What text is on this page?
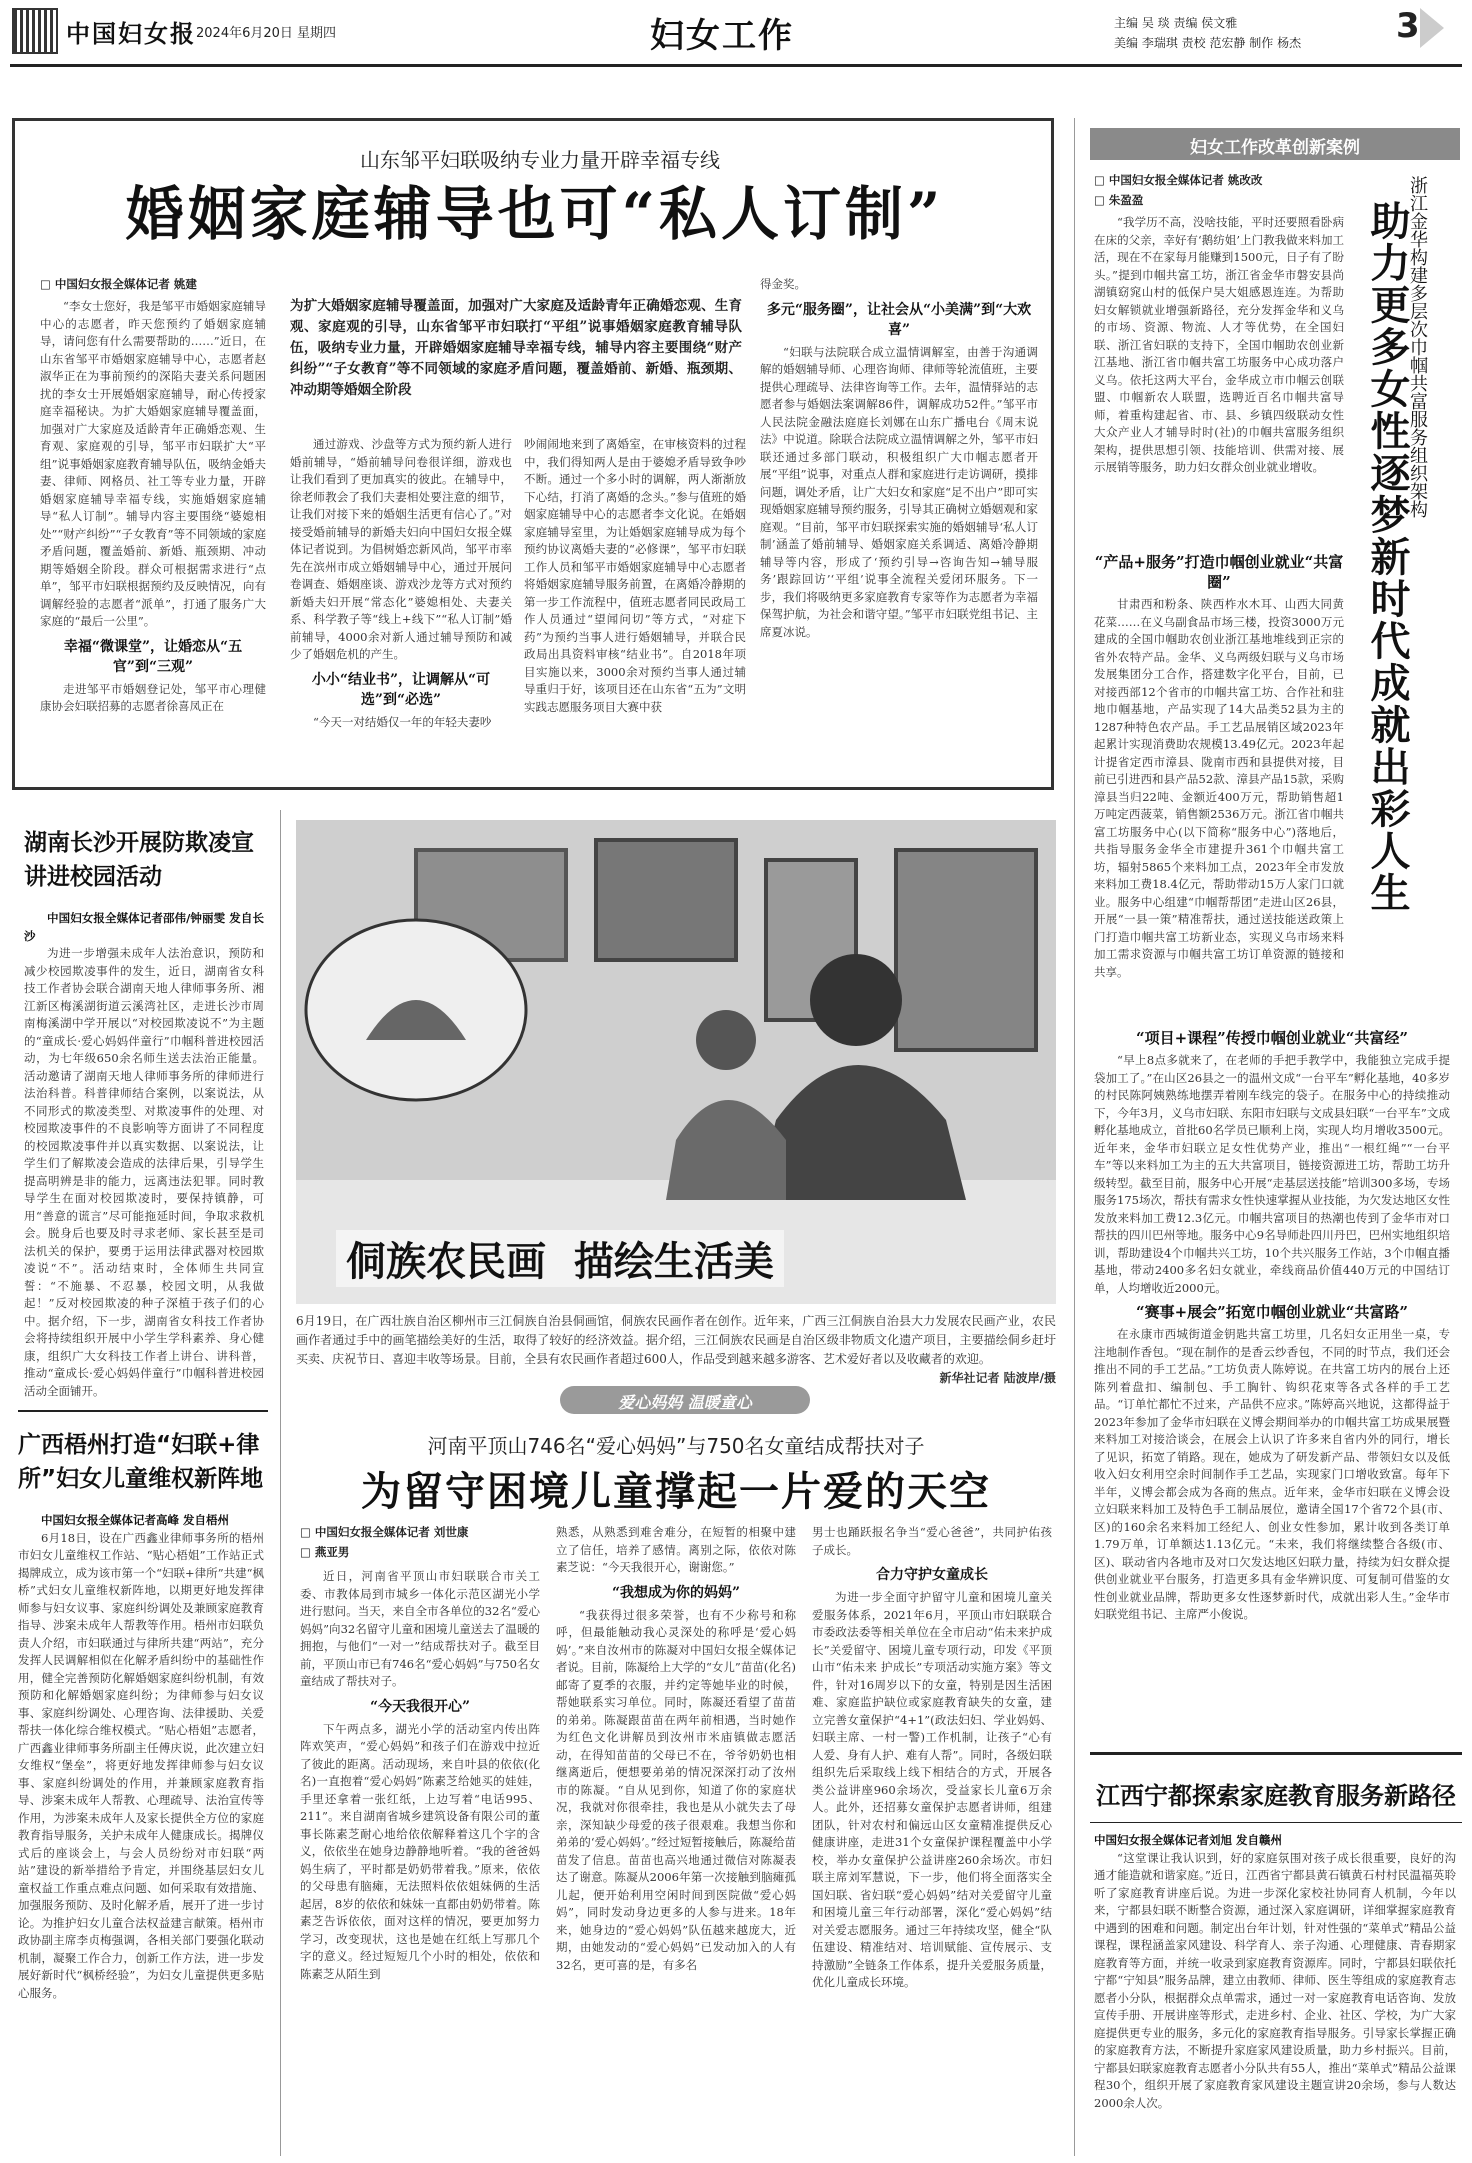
中国妇女报 2024年6月20日 星期四	妇女工作	主编 吴 琰 责编 侯文雅
美编 李瑞琪 责校 范宏静 制作 杨杰	3
山东邹平妇联吸纳专业力量开辟幸福专线
婚姻家庭辅导也可“私人订制”
□ 中国妇女报全媒体记者 姚建

“李女士您好，我是邹平市婚姻家庭辅导中心的志愿者，昨天您预约了婚姻家庭辅导，请问您有什么需要帮助的……”近日，在山东省邹平市婚姻家庭辅导中心，志愿者赵淑华正在为事前预约的深陷夫妻关系问题困扰的李女士开展婚姻家庭辅导，耐心传授家庭幸福秘诀。为扩大婚姻家庭辅导覆盖面，加强对广大家庭及适龄青年正确婚恋观、生育观、家庭观的引导，邹平市妇联扩大“平组”说事婚姻家庭教育辅导队伍，吸纳金婚夫妻、律师、网格员、社工等专业力量，开辟婚姻家庭辅导幸福专线，实施婚姻家庭辅导“私人订制”。辅导内容主要围绕“婆媳相处”“财产纠纷”“子女教育”等不同领域的家庭矛盾问题，覆盖婚前、新婚、瓶颈期、冲动期等婚姻全阶段。群众可根据需求进行“点单”，邹平市妇联根据预约及反映情况，向有调解经验的志愿者“派单”，打通了服务广大家庭的“最后一公里”。

幸福“微课堂”，让婚恋从“五官”到“三观”

走进邹平市婚姻登记处，邹平市心理健康协会妇联招募的志愿者徐喜凤正在

为扩大婚姻家庭辅导覆盖面，加强对广大家庭及适龄青年正确婚恋观、生育观、家庭观的引导，山东省邹平市妇联打“平组”说事婚姻家庭教育辅导队伍，吸纳专业力量，开辟婚姻家庭辅导幸福专线，辅导内容主要围绕“财产纠纷”“子女教育”等不同领域的家庭矛盾问题，覆盖婚前、新婚、瓶颈期、冲动期等婚姻全阶段

通过游戏、沙盘等方式为预约新人进行婚前辅导，“婚前辅导问卷很详细，游戏也让我们看到了更加真实的彼此。在辅导中，徐老师教会了我们夫妻相处要注意的细节，让我们对接下来的婚姻生活更有信心了。”对接受婚前辅导的新婚夫妇向中国妇女报全媒体记者说到。为倡树婚恋新风尚，邹平市率先在滨州市成立婚姻辅导中心，通过开展问卷调查、婚姻座谈、游戏沙龙等方式对预约新婚夫妇开展“常态化”婆媳相处、夫妻关系、科学教子等“线上+线下”“私人订制”婚前辅导，4000余对新人通过辅导预防和减少了婚姻危机的产生。

小小“结业书”，让调解从“可选”到“必选”

“今天一对结婚仅一年的年轻夫妻吵

吵闹闹地来到了离婚室，在审核资料的过程中，我们得知两人是由于婆媳矛盾导致争吵不断。通过一个多小时的调解，两人渐渐放下心结，打消了离婚的念头。”参与值班的婚姻家庭辅导中心的志愿者李文化说。在婚姻家庭辅导室里，为让婚姻家庭辅导成为每个预约协议离婚夫妻的“必修课”，邹平市妇联工作人员和邹平市婚姻家庭辅导中心志愿者将婚姻家庭辅导服务前置，在离婚冷静期的第一步工作流程中，值班志愿者同民政局工作人员通过“望闻问切”等方式，“对症下药”为预约当事人进行婚姻辅导，并联合民政局出具资料审核“结业书”。自2018年项目实施以来，3000余对预约当事人通过辅导重归于好，该项目还在山东省“五为”文明实践志愿服务项目大赛中获

得金奖。

多元“服务圈”，让社会从“小美满”到“大欢喜”

“妇联与法院联合成立温情调解室，由善于沟通调解的婚姻辅导师、心理咨询师、律师等轮流值班，主要提供心理疏导、法律咨询等工作。去年，温情驿站的志愿者参与婚姻法案调解86件，调解成功52件。”邹平市人民法院金融法庭庭长刘娜在山东广播电台《周末说法》中说道。除联合法院成立温情调解之外，邹平市妇联还通过多部门联动，积极组织广大巾帼志愿者开展“平组”说事，对重点人群和家庭进行走访调研，摸排问题，调处矛盾，让广大妇女和家庭“足不出户”即可实现婚姻家庭辅导预约服务，引导其正确树立婚姻观和家庭观。“目前，邹平市妇联探索实施的婚姻辅导‘私人订制’涵盖了婚前辅导、婚姻家庭关系调适、离婚冷静期辅导等内容，形成了‘预约引导→咨询告知→辅导服务’跟踪回访’‘平组’说事全流程关爱闭环服务。下一步，我们将吸纳更多家庭教育专家等作为志愿者为幸福保驾护航，为社会和谐守望。”邹平市妇联党组书记、主席夏冰说。

妇女工作改革创新案例
□ 中国妇女报全媒体记者 姚改改
□ 朱盈盈	浙江金华构建多层次巾帼共富服务组织架构
助力更多女性逐梦新时代成就出彩人生

“我学历不高，没啥技能，平时还要照看卧病在床的父亲，幸好有‘鹅纺姐’上门教我做来料加工活，现在不在家每月能赚到1500元，日子有了盼头。”提到巾帼共富工坊，浙江省金华市磐安县尚湖镇窈窕山村的低保户吴大姐感恩连连。为帮助妇女解锁就业增强新路径，充分发挥金华和义乌的市场、资源、物流、人才等优势，在全国妇联、浙江省妇联的支持下，全国巾帼助农创业新江基地、浙江省巾帼共富工坊服务中心成功落户义乌。依托这两大平台，金华成立市巾帼云创联盟、巾帼新农人联盟，选聘近百名巾帼共富导师，着重构建起省、市、县、乡镇四级联动女性大众产业人才辅导时时(社)的巾帼共富服务组织架构，提供思想引领、技能培训、供需对接、展示展销等服务，助力妇女群众创业就业增收。

“产品+服务”打造巾帼创业就业“共富圈”

甘肃西和粉条、陕西柞水木耳、山西大同黄花菜……在义乌副食品市场三楼，投资3000万元建成的全国巾帼助农创业浙江基地堆线到正宗的省外农特产品。金华、义乌两级妇联与义乌市场发展集团分工合作，搭建数字化平台，目前，已对接西部12个省市的巾帼共富工坊、合作社和驻地巾帼基地，产品实现了14大品类52县为主的1287种特色农产品。手工艺品展销区域2023年起累计实现消费助农规模13.49亿元。2023年起计提省定西市漳县、陇南市西和县提供对接，目前已引进西和县产品52款、漳县产品15款，采购漳县当归22吨、金额近400万元，帮助销售超1万吨定西菠菜，销售额2536万元。浙江省巾帼共富工坊服务中心(以下简称“服务中心”)落地后，共指导服务金华全市建提升361个巾帼共富工坊，辐射5865个来料加工点，2023年全市发放来料加工费18.4亿元，帮助带动15万人家门口就业。服务中心组建“巾帼帮帮团”走进山区26县，开展“一县一策”精准帮扶，通过送技能送政策上门打造巾帼共富工坊新业态，实现义乌市场来料加工需求资源与巾帼共富工坊订单资源的链接和共享。

“项目+课程”传授巾帼创业就业“共富经”

“早上8点多就来了，在老师的手把手教学中，我能独立完成手提袋加工了。”在山区26县之一的温州文成“一台平车”孵化基地，40多岁的村民陈阿姨熟练地摆弄着刚车线完的袋子。在服务中心的持续推动下，今年3月，义乌市妇联、东阳市妇联与文成县妇联“一台平车”文成孵化基地成立，首批60名学员已顺利上岗，实现人均月增收3500元。近年来，金华市妇联立足女性优势产业，推出“一根红绳”“一台平车”等以来料加工为主的五大共富项目，链接资源进工坊，帮助工坊升级转型。截至目前，服务中心开展“走基层送技能”培训300多场，专场服务175场次，帮扶有需求女性快速掌握从业技能，为欠发达地区女性发放来料加工费12.3亿元。巾帼共富项目的热潮也传到了金华市对口帮扶的四川巴州等地。服务中心9名导师赴四川丹巴，巴州实地组织培训，帮助建设4个巾帼共兴工坊，10个共兴服务工作站，3个巾帼直播基地，带动2400多名妇女就业，牵线商品价值440万元的中国结订单，人均增收近2000元。

“赛事+展会”拓宽巾帼创业就业“共富路”

在永康市西城街道金钥匙共富工坊里，几名妇女正用坐一桌，专注地制作香包。“现在制作的是香云纱香包，不同的时节点，我们还会推出不同的手工艺品。”工坊负责人陈婷说。在共富工坊内的展台上还陈列着盘扣、编制包、手工胸针、钩织花束等各式各样的手工艺品。“订单忙都忙不过来，产品供不应求。”陈婷高兴地说，这都得益于2023年参加了金华市妇联在义博会期间举办的巾帼共富工坊成果展暨来料加工对接洽谈会，在展会上认识了许多来自省内外的同行，增长了见识，拓宽了销路。现在，她成为了研发新产品、带领妇女以及低收入妇女利用空余时间制作手工艺品，实现家门口增收致富。每年下半年，义博会都会成为各商的焦点。近年来，金华市妇联在义博会设立妇联来料加工及特色手工制品展位，邀请全国17个省72个县(市、区)的160余名来料加工经纪人、创业女性参加，累计收到各类订单1.79万单，订单额达1.13亿元。“未来，我们将继续整合各级(市、区)、联动省内各地市及对口欠发达地区妇联力量，持续为妇女群众提供创业就业平台服务，打造更多具有金华辨识度、可复制可借鉴的女性创业就业品牌，帮助更多女性逐梦新时代，成就出彩人生。”金华市妇联党组书记、主席严小俊说。

湖南长沙开展防欺凌宣讲进校园活动

中国妇女报全媒体记者邵伟/钟丽雯 发自长沙

为进一步增强未成年人法治意识，预防和减少校园欺凌事件的发生，近日，湖南省女科技工作者协会联合湖南天地人律师事务所、湘江新区梅溪湖街道云溪湾社区，走进长沙市周南梅溪湖中学开展以“对校园欺凌说不”为主题的“童成长·爱心妈妈伴童行”巾帼科普进校园活动，为七年级650余名师生送去法治正能量。活动邀请了湖南天地人律师事务所的律师进行法治科普。科普律师结合案例，以案说法，从不同形式的欺凌类型、对欺凌事件的处理、对校园欺凌事件的不良影响等方面讲了不同程度的校园欺凌事件并以真实数据、以案说法，让学生们了解欺凌会造成的法律后果，引导学生提高明辨是非的能力，远离违法犯罪。同时教导学生在面对校园欺凌时，要保持镇静，可用“善意的谎言”尽可能拖延时间，争取求救机会。脱身后也要及时寻求老师、家长甚至是司法机关的保护，要勇于运用法律武器对校园欺凌说“不”。活动结束时，全体师生共同宣誓：“不施暴、不忍暴，校园文明，从我做起！”反对校园欺凌的种子深植于孩子们的心中。据介绍，下一步，湖南省女科技工作者协会将持续组织开展中小学生学科素养、身心健康，组织广大女科技工作者上讲台、讲科普，推动“童成长·爱心妈妈伴童行”巾帼科普进校园活动全面铺开。

侗族农民画  描绘生活美
6月19日，在广西壮族自治区柳州市三江侗族自治县侗画馆，侗族农民画作者在创作。近年来，广西三江侗族自治县大力发展农民画产业，农民画作者通过手中的画笔描绘美好的生活，取得了较好的经济效益。据介绍，三江侗族农民画是自治区级非物质文化遗产项目，主要描绘侗乡赶圩买卖、庆祝节日、喜迎丰收等场景。目前，全县有农民画作者超过600人，作品受到越来越多游客、艺术爱好者以及收藏者的欢迎。
新华社记者 陆波岸/摄
广西梧州打造“妇联+律所”妇女儿童维权新阵地

中国妇女报全媒体记者高峰 发自梧州

6月18日，设在广西鑫业律师事务所的梧州市妇女儿童维权工作站、“贴心梧姐”工作站正式揭牌成立，成为该市第一个“妇联+律所”共建“枫桥”式妇女儿童维权新阵地，以期更好地发挥律师参与妇女议事、家庭纠纷调处及兼顾家庭教育指导、涉案未成年人帮教等作用。梧州市妇联负责人介绍，市妇联通过与律所共建“两站”，充分发挥人民调解相似在化解矛盾纠纷中的基础性作用，健全完善预防化解婚姻家庭纠纷机制，有效预防和化解婚姻家庭纠纷；为律师参与妇女议事、家庭纠纷调处、心理咨询、法律援助、关爱帮扶一体化综合维权模式。“贴心梧姐”志愿者，广西鑫业律师事务所副主任傅庆说，此次建立妇女维权“堡垒”，将更好地发挥律师参与妇女议事、家庭纠纷调处的作用，并兼顾家庭教育指导、涉案未成年人帮教、心理疏导、法治宣传等作用，为涉案未成年人及家长提供全方位的家庭教育指导服务，关护未成年人健康成长。揭牌仪式后的座谈会上，与会人员纷纷对市妇联“两站”建设的新举措给予肯定，并围绕基层妇女儿童权益工作重点难点问题、如何采取有效措施、加强服务预防、及时化解矛盾，展开了进一步讨论。为推护妇女儿童合法权益建言献策。梧州市政协副主席李贞梅强调，各相关部门要强化联动机制，凝聚工作合力，创新工作方法，进一步发展好新时代“枫桥经验”，为妇女儿童提供更多贴心服务。

爱心妈妈 温暖童心
河南平顶山746名“爱心妈妈”与750名女童结成帮扶对子
为留守困境儿童撑起一片爱的天空
□ 中国妇女报全媒体记者 刘世康
□ 燕亚男

近日，河南省平顶山市妇联联合市关工委、市教体局到市城乡一体化示范区湖光小学进行慰问。当天，来自全市各单位的32名“爱心妈妈”向32名留守儿童和困境儿童送去了温暖的拥抱，与他们“一对一”结成帮扶对子。截至目前，平顶山市已有746名“爱心妈妈”与750名女童结成了帮扶对子。

“今天我很开心”

下午两点多，湖光小学的活动室内传出阵阵欢笑声，“爱心妈妈”和孩子们在游戏中拉近了彼此的距离。活动现场，来自叶县的依依(化名)一直抱着“爱心妈妈”陈素芝给她买的娃娃，手里还拿着一张红纸，上边写着“电话995、211”。来自湖南省城乡建筑设备有限公司的董事长陈素芝耐心地给依依解释着这几个字的含义，依依坐在她身边静静地听着。“我的爸爸妈妈生病了，平时都是奶奶带着我。”原来，依依的父母患有脑瘫，无法照料依依姐妹俩的生活起居，8岁的依依和妹妹一直都由奶奶带着。陈素芝告诉依依，面对这样的情况，要更加努力学习，改变现状，这也是她在红纸上写那几个字的意义。经过短短几个小时的相处，依依和陈素芝从陌生到

熟悉，从熟悉到难舍难分，在短暂的相聚中建立了信任，培养了感情。离别之际，依依对陈素芝说：“今天我很开心，谢谢您。”

“我想成为你的妈妈”

“我获得过很多荣誉，也有不少称号和称呼，但最能触动我心灵深处的称呼是‘爱心妈妈’。”来自汝州市的陈凝对中国妇女报全媒体记者说。目前，陈凝给上大学的“女儿”苗苗(化名)邮寄了夏季的衣服，并约定等她毕业的时候，帮她联系实习单位。同时，陈凝还看望了苗苗的弟弟。陈凝跟苗苗在两年前相遇，当时她作为红色文化讲解员到汝州市米庙镇做志愿活动，在得知苗苗的父母已不在，爷爷奶奶也相继离逝后，便想要弟弟的情况深深打动了汝州市的陈凝。“自从见到你，知道了你的家庭状况，我就对你很牵挂，我也是从小就失去了母亲，深知缺少母爱的孩子很艰难。我想当你和弟弟的‘爱心妈妈’。”经过短暂接触后，陈凝给苗苗发了信息。苗苗也高兴地通过微信对陈凝表达了谢意。陈凝从2006年第一次接触到脑瘫孤儿起，便开始利用空闲时间到医院做“爱心妈妈”，同时发动身边更多的人参与进来。18年来，她身边的“爱心妈妈”队伍越来越庞大，近期，由她发动的“爱心妈妈”已发动加入的人有32名，更可喜的是，有多名

男士也踊跃报名争当“爱心爸爸”，共同护佑孩子成长。

合力守护女童成长

为进一步全面守护留守儿童和困境儿童关爱服务体系，2021年6月，平顶山市妇联联合市委政法委等相关单位在全市启动“佑未来护成长”关爱留守、困境儿童专项行动，印发《平顶山市“佑未来 护成长”专项活动实施方案》等文件，针对16周岁以下的女童，特别是因生活困难、家庭监护缺位或家庭教育缺失的女童，建立完善女童保护“4+1”(政法妇妇、学业妈妈、妇联主席、一村一警)工作机制，让孩子“心有人爱、身有人护、难有人帮”。同时，各级妇联组织先后采取线上线下相结合的方式，开展各类公益讲座960余场次，受益家长儿童6万余人。此外，还招募女童保护志愿者讲师，组建团队，针对农村和偏远山区女童精准提供反心健康讲座，走进31个女童保护课程覆盖中小学校，举办女童保护公益讲座260余场次。市妇联主席刘军慧说，下一步，他们将全面落实全国妇联、省妇联“爱心妈妈”结对关爱留守儿童和困境儿童三年行动部署，深化“爱心妈妈”结对关爱志愿服务。通过三年持续攻坚，健全“队伍建设、精准结对、培训赋能、宣传展示、支持激励”全链条工作体系，提升关爱服务质量，优化儿童成长环境。

江西宁都探索家庭教育服务新路径

中国妇女报全媒体记者刘旭 发自赣州

“这堂课让我认识到，好的家庭氛围对孩子成长很重要，良好的沟通才能造就和谐家庭。”近日，江西省宁都县黄石镇黄石村村民温福英聆听了家庭教育讲座后说。为进一步深化家校社协同育人机制，今年以来，宁都县妇联不断整合资源，通过深入家庭调研，详细掌握家庭教育中遇到的困难和问题。制定出台年计划，针对性强的“菜单式”精品公益课程，课程涵盖家风建设、科学育人、亲子沟通、心理健康、青春期家庭教育等方面，并统一收录到家庭教育资源库。同时，宁都县妇联依托宁都“宁知县”服务品牌，建立由教师、律师、医生等组成的家庭教育志愿者小分队，根据群众点单需求，通过一对一家庭教育电话咨询、发放宣传手册、开展讲座等形式，走进乡村、企业、社区、学校，为广大家庭提供更专业的服务，多元化的家庭教育指导服务。引导家长掌握正确的家庭教育方法，不断提升家庭家风建设质量，助力乡村振兴。目前，宁都县妇联家庭教育志愿者小分队共有55人，推出“菜单式”精品公益课程30个，组织开展了家庭教育家风建设主题宣讲20余场，参与人数达2000余人次。
